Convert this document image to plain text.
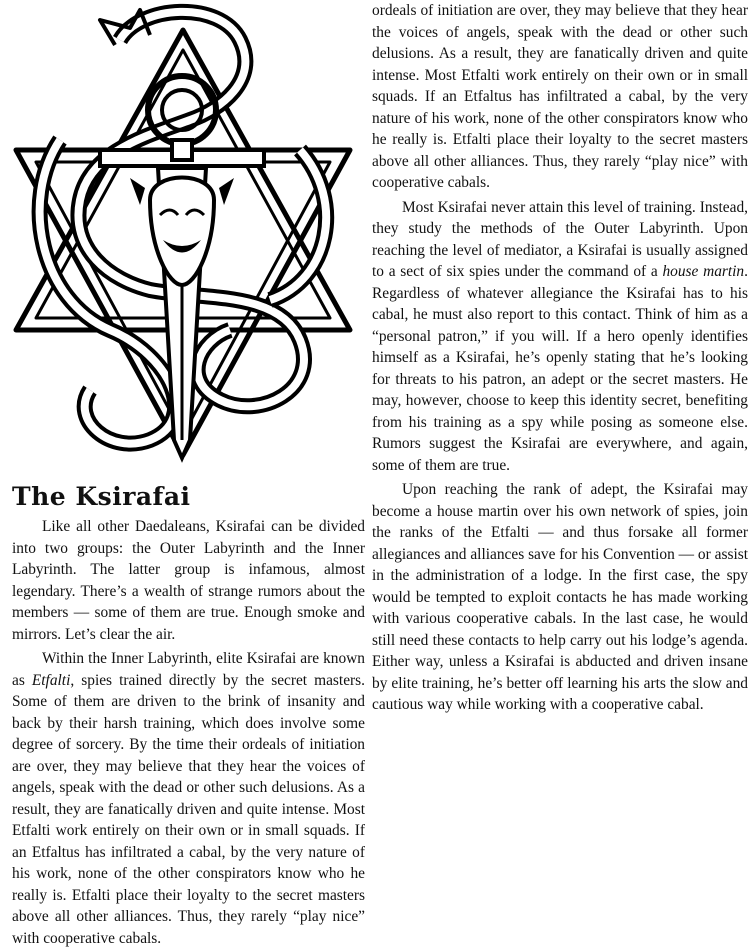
The Ksirafai

Like all other Daedaleans, Ksirafai can be divided into two groups: the Outer Labyrinth and the Inner Labyrinth. The latter group is infamous, almost legendary. There’s a wealth of strange rumors about the members — some of them are true. Enough smoke and mirrors. Let’s clear the air.

Within the Inner Labyrinth, elite Ksirafai are known as Etfalti, spies trained directly by the secret masters. Some of them are driven to the brink of insanity and back by their harsh training, which does involve some degree of sorcery. By the time their ordeals of initiation are over, they may believe that they hear the voices of angels, speak with the dead or other such delusions. As a result, they are fanatically driven and quite intense. Most Etfalti work entirely on their own or in small squads. If an Etfaltus has infiltrated a cabal, by the very nature of his work, none of the other conspirators know who he really is. Etfalti place their loyalty to the secret masters above all other alliances. Thus, they rarely “play nice” with cooperative cabals.

ordeals of initiation are over, they may believe that they hear the voices of angels, speak with the dead or other such delusions. As a result, they are fanatically driven and quite intense. Most Etfalti work entirely on their own or in small squads. If an Etfaltus has infiltrated a cabal, by the very nature of his work, none of the other conspirators know who he really is. Etfalti place their loyalty to the secret masters above all other alliances. Thus, they rarely “play nice” with cooperative cabals.

Most Ksirafai never attain this level of training. Instead, they study the methods of the Outer Labyrinth. Upon reaching the level of mediator, a Ksirafai is usually assigned to a sect of six spies under the command of a house martin. Regardless of whatever allegiance the Ksirafai has to his cabal, he must also report to this contact. Think of him as a “personal patron,” if you will. If a hero openly identifies himself as a Ksirafai, he’s openly stating that he’s looking for threats to his patron, an adept or the secret masters. He may, however, choose to keep this identity secret, benefiting from his training as a spy while posing as someone else. Rumors suggest the Ksirafai are everywhere, and again, some of them are true.

Upon reaching the rank of adept, the Ksirafai may become a house martin over his own network of spies, join the ranks of the Etfalti — and thus forsake all former allegiances and alliances save for his Convention — or assist in the administration of a lodge. In the first case, the spy would be tempted to exploit contacts he has made working with various cooperative cabals. In the last case, he would still need these contacts to help carry out his lodge’s agenda. Either way, unless a Ksirafai is abducted and driven insane by elite training, he’s better off learning his arts the slow and cautious way while working with a cooperative cabal.
